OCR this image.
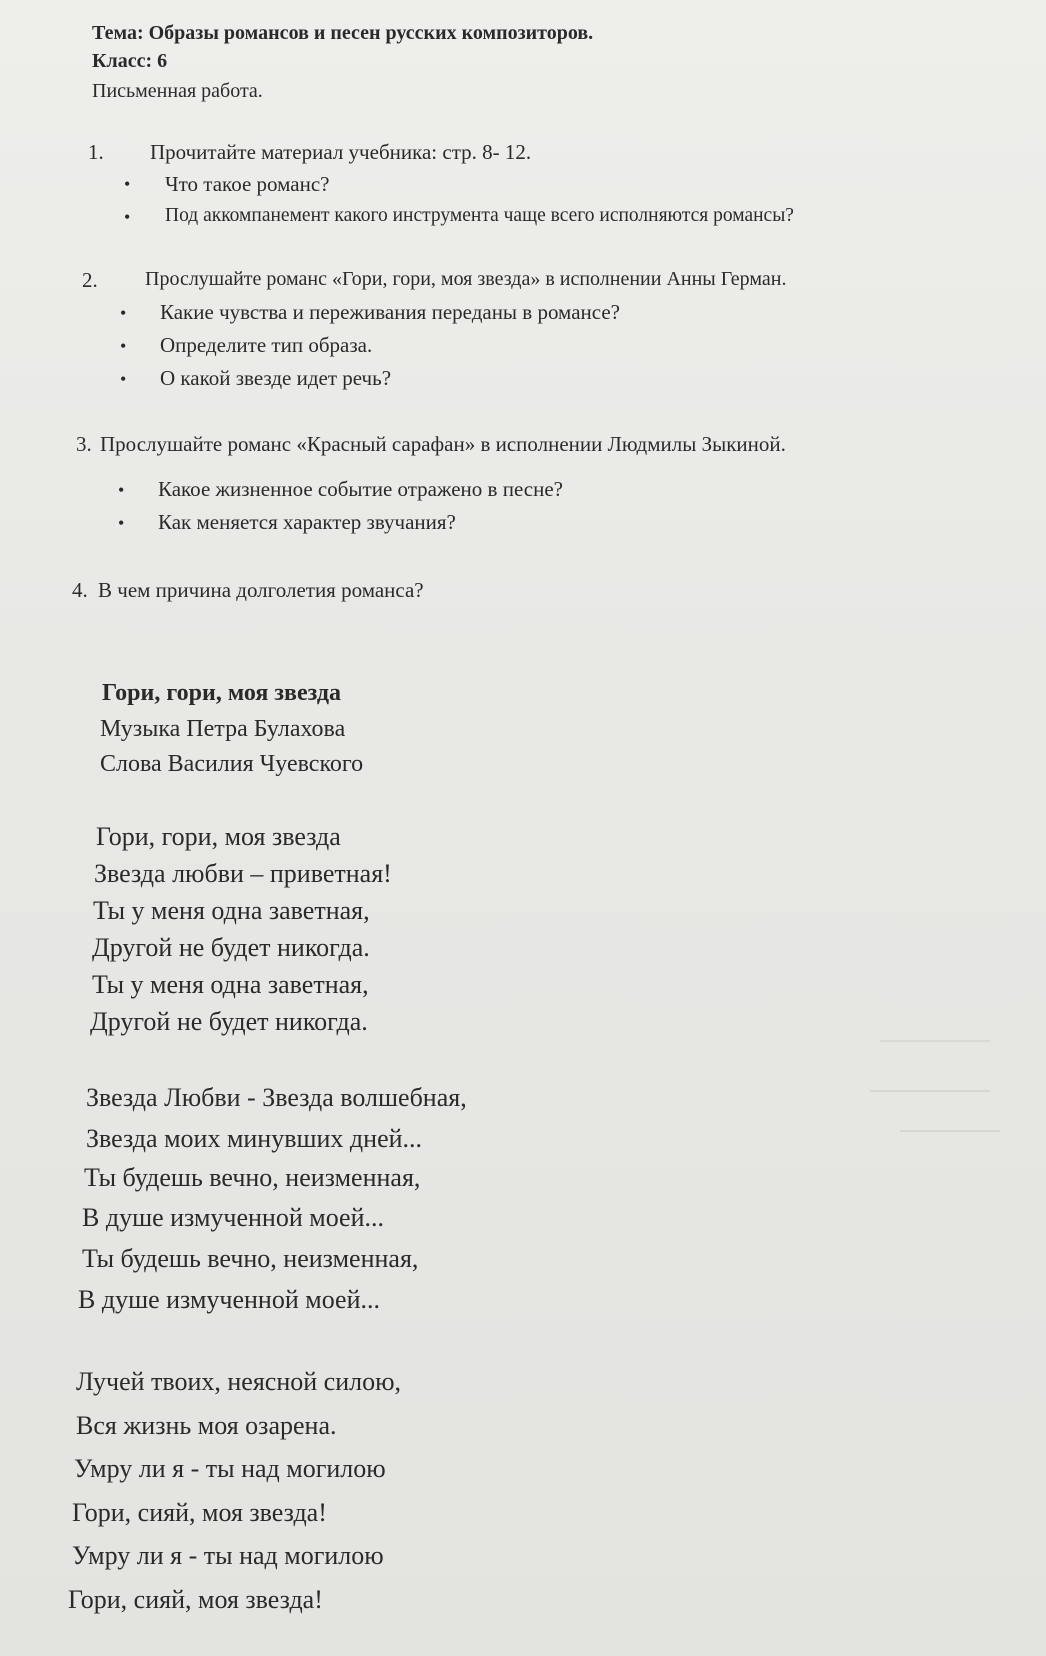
Тема: Образы романсов и песен русских композиторов.
Класс: 6
Письменная работа.
1. Прочитайте материал учебника: стр. 8- 12.
• Что такое романс?
• Под аккомпанемент какого инструмента чаще всего исполняются романсы?
2. Прослушайте романс «Гори, гори, моя звезда» в исполнении Анны Герман.
• Какие чувства и переживания переданы в романсе?
• Определите тип образа.
• О какой звезде идет речь?
3. Прослушайте романс «Красный сарафан» в исполнении Людмилы Зыкиной.
• Какое жизненное событие отражено в песне?
• Как меняется характер звучания?
4. В чем причина долголетия романса?
Гори, гори, моя звезда
Музыка Петра Булахова
Слова Василия Чуевского
Гори, гори, моя звезда
Звезда любви – приветная!
Ты у меня одна заветная,
Другой не будет никогда.
Ты у меня одна заветная,
Другой не будет никогда.
Звезда Любви - Звезда волшебная,
Звезда моих минувших дней...
Ты будешь вечно, неизменная,
В душе измученной моей...
Ты будешь вечно, неизменная,
В душе измученной моей...
Лучей твоих, неясной силою,
Вся жизнь моя озарена.
Умру ли я - ты над могилою
Гори, сияй, моя звезда!
Умру ли я - ты над могилою
Гори, сияй, моя звезда!
